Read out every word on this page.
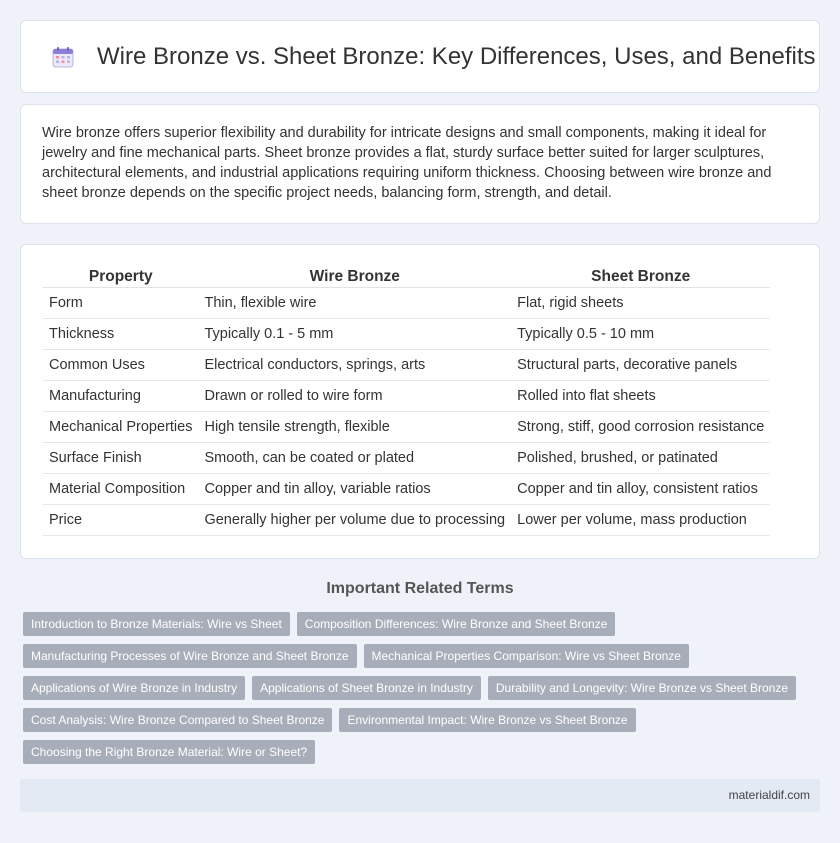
Wire Bronze vs. Sheet Bronze: Key Differences, Uses, and Benefits

Wire bronze offers superior flexibility and durability for intricate designs and small components, making it ideal for jewelry and fine mechanical parts. Sheet bronze provides a flat, sturdy surface better suited for larger sculptures, architectural elements, and industrial applications requiring uniform thickness. Choosing between wire bronze and sheet bronze depends on the specific project needs, balancing form, strength, and detail.

Property	Wire Bronze	Sheet Bronze
Form	Thin, flexible wire	Flat, rigid sheets
Thickness	Typically 0.1 - 5 mm	Typically 0.5 - 10 mm
Common Uses	Electrical conductors, springs, arts	Structural parts, decorative panels
Manufacturing	Drawn or rolled to wire form	Rolled into flat sheets
Mechanical Properties	High tensile strength, flexible	Strong, stiff, good corrosion resistance
Surface Finish	Smooth, can be coated or plated	Polished, brushed, or patinated
Material Composition	Copper and tin alloy, variable ratios	Copper and tin alloy, consistent ratios
Price	Generally higher per volume due to processing	Lower per volume, mass production
Important Related Terms
Introduction to Bronze Materials: Wire vs Sheet	Composition Differences: Wire Bronze and Sheet Bronze
Manufacturing Processes of Wire Bronze and Sheet Bronze	Mechanical Properties Comparison: Wire vs Sheet Bronze
Applications of Wire Bronze in Industry	Applications of Sheet Bronze in Industry	Durability and Longevity: Wire Bronze vs Sheet Bronze
Cost Analysis: Wire Bronze Compared to Sheet Bronze	Environmental Impact: Wire Bronze vs Sheet Bronze
Choosing the Right Bronze Material: Wire or Sheet?
materialdif.com
